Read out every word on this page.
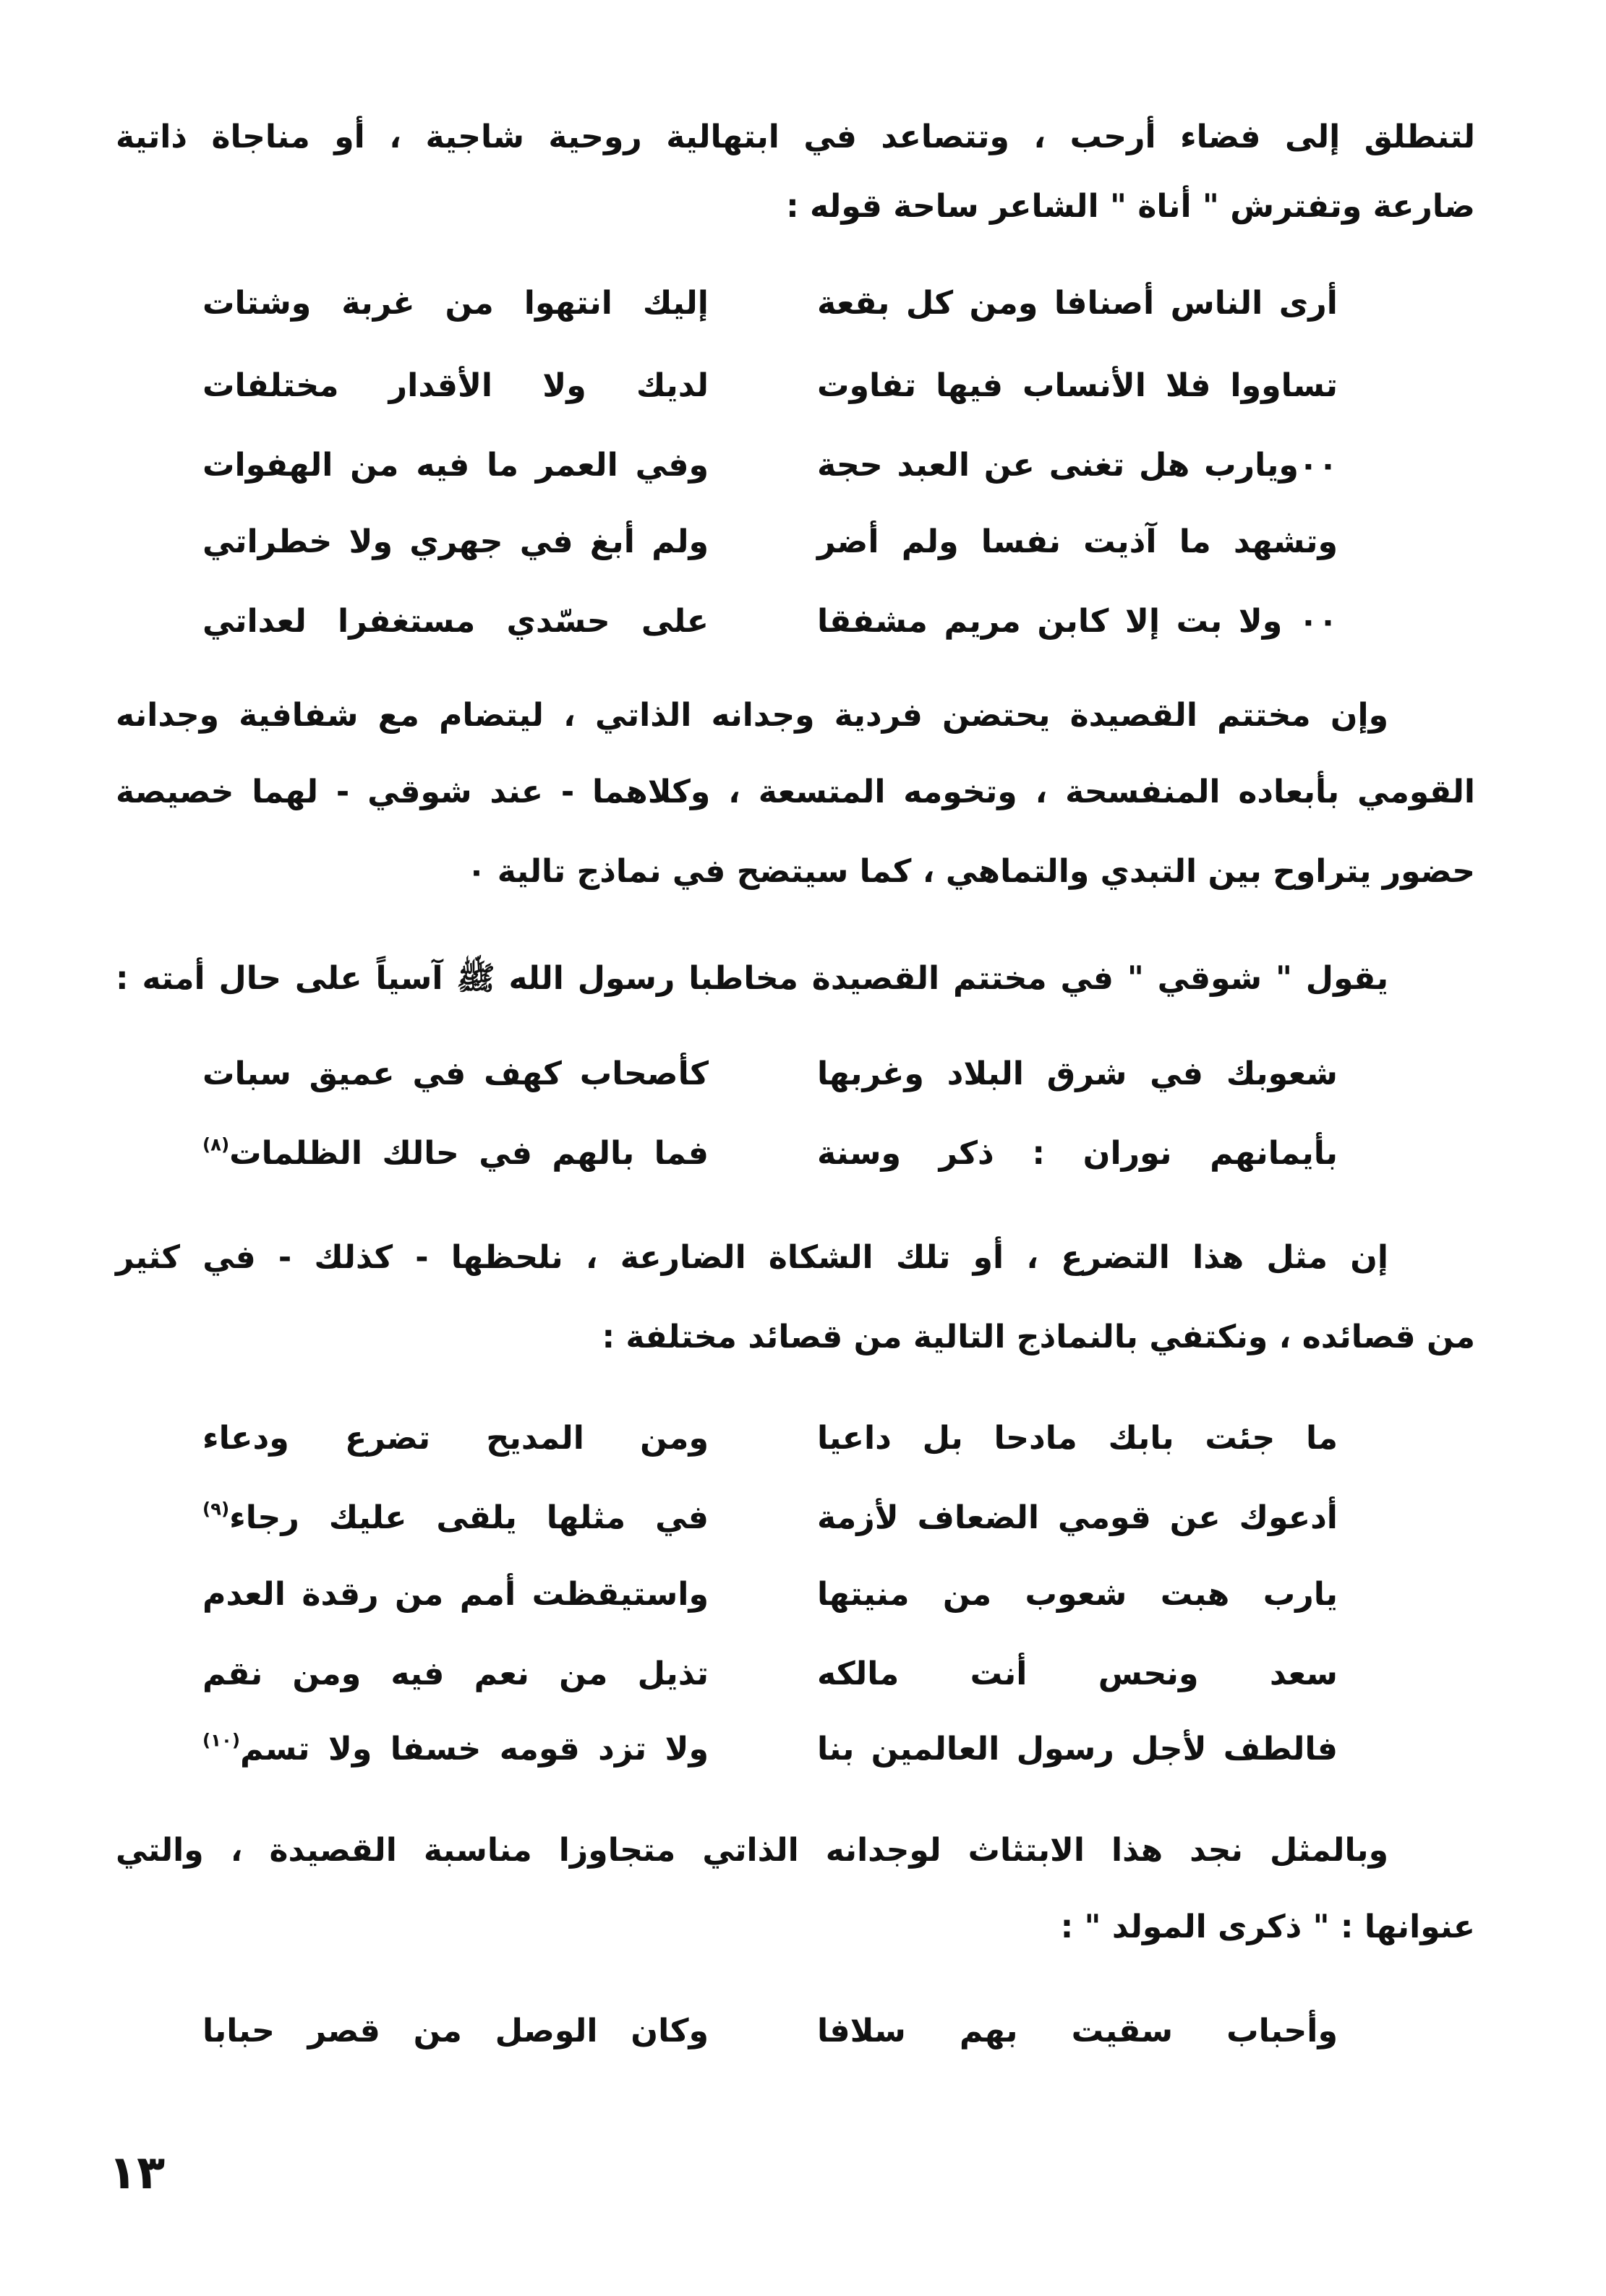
لتنطلق إلى فضاء أرحب ، وتتصاعد في ابتهالية روحية شاجية ، أو مناجاة ذاتية
ضارعة وتفترش " أناة " الشاعر ساحة قوله :
أرى الناس أصنافا ومن كل بقعة
إليك انتهوا من غربة وشتات
تساووا فلا الأنساب فيها تفاوت
لديك ولا الأقدار مختلفات
٠٠ويارب هل تغنى عن العبد حجة
وفي العمر ما فيه من الهفوات
وتشهد ما آذيت نفسا ولم أضر
ولم أبغ في جهري ولا خطراتي
٠٠ ولا بت إلا كابن مريم مشفقا
على حسّدي مستغفرا لعداتي
وإن مختتم القصيدة يحتضن فردية وجدانه الذاتي ، ليتضام مع شفافية وجدانه
القومي بأبعاده المنفسحة ، وتخومه المتسعة ، وكلاهما - عند شوقي - لهما خصيصة
حضور يتراوح بين التبدي والتماهي ، كما سيتضح في نماذج تالية ٠
يقول " شوقي " في مختتم القصيدة مخاطبا رسول الله ﷺ آسياً على حال أمته :
شعوبك في شرق البلاد وغربها
كأصحاب كهف في عميق سبات
بأيمانهم نوران : ذكر وسنة
فما بالهم في حالك الظلمات$^{(٨)}$
إن مثل هذا التضرع ، أو تلك الشكاة الضارعة ، نلحظها - كذلك - في كثير
من قصائده ، ونكتفي بالنماذج التالية من قصائد مختلفة :
ما جئت بابك مادحا بل داعيا
ومن المديح تضرع ودعاء
أدعوك عن قومي الضعاف لأزمة
في مثلها يلقى عليك رجاء$^{(٩)}$
يارب هبت شعوب من منيتها
واستيقظت أمم من رقدة العدم
سعد ونحس أنت مالكه
تذيل من نعم فيه ومن نقم
فالطف لأجل رسول العالمين بنا
ولا تزد قومه خسفا ولا تسم$^{(١٠)}$
وبالمثل نجد هذا الابتثاث لوجدانه الذاتي متجاوزا مناسبة القصيدة ، والتي
عنوانها : " ذكرى المولد " :
وأحباب سقيت بهم سلافا
وكان الوصل من قصر حبابا
١٣
